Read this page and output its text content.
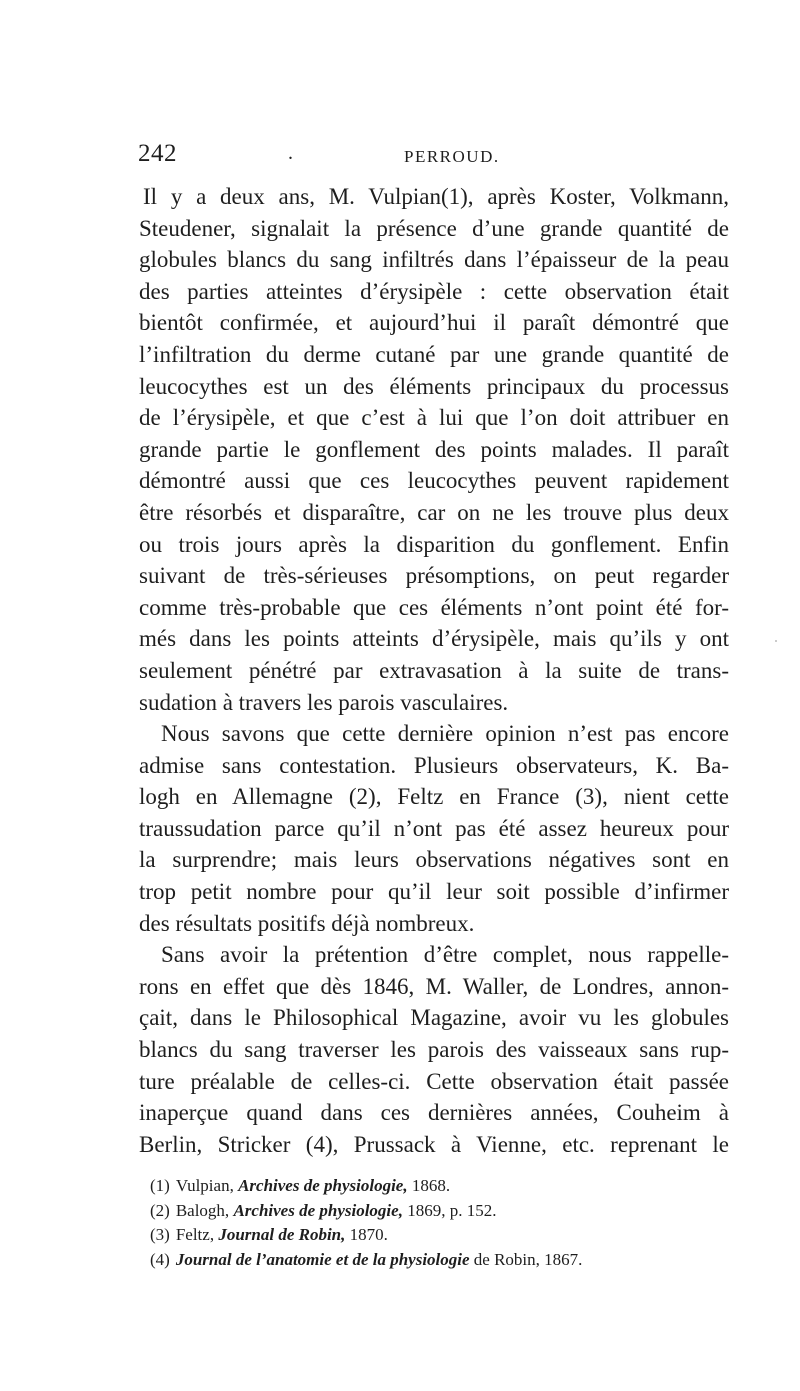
242	.	PERROUD.
Il y a deux ans, M. Vulpian(1), après Koster, Volkmann,
Steudener, signalait la présence d’une grande quantité de
globules blancs du sang infiltrés dans l’épaisseur de la peau
des parties atteintes d’érysipèle : cette observation était
bientôt confirmée, et aujourd’hui il paraît démontré que
l’infiltration du derme cutané par une grande quantité de
leucocythes est un des éléments principaux du processus
de l’érysipèle, et que c’est à lui que l’on doit attribuer en
grande partie le gonflement des points malades. Il paraît
démontré aussi que ces leucocythes peuvent rapidement
être résorbés et disparaître, car on ne les trouve plus deux
ou trois jours après la disparition du gonflement. Enfin
suivant de très-sérieuses présomptions, on peut regarder
comme très-probable que ces éléments n’ont point été for-
més dans les points atteints d’érysipèle, mais qu’ils y ont
seulement pénétré par extravasation à la suite de trans-
sudation à travers les parois vasculaires.
Nous savons que cette dernière opinion n’est pas encore
admise sans contestation. Plusieurs observateurs, K. Ba-
logh en Allemagne (2), Feltz en France (3), nient cette
traussudation parce qu’il n’ont pas été assez heureux pour
la surprendre; mais leurs observations négatives sont en
trop petit nombre pour qu’il leur soit possible d’infirmer
des résultats positifs déjà nombreux.
Sans avoir la prétention d’être complet, nous rappelle-
rons en effet que dès 1846, M. Waller, de Londres, annon-
çait, dans le Philosophical Magazine, avoir vu les globules
blancs du sang traverser les parois des vaisseaux sans rup-
ture préalable de celles-ci. Cette observation était passée
inaperçue quand dans ces dernières années, Couheim à
Berlin, Stricker (4), Prussack à Vienne, etc. reprenant le
(1) Vulpian, Archives de physiologie, 1868.
(2) Balogh, Archives de physiologie, 1869, p. 152.
(3) Feltz, Journal de Robin, 1870.
(4) Journal de l’anatomie et de la physiologie de Robin, 1867.
